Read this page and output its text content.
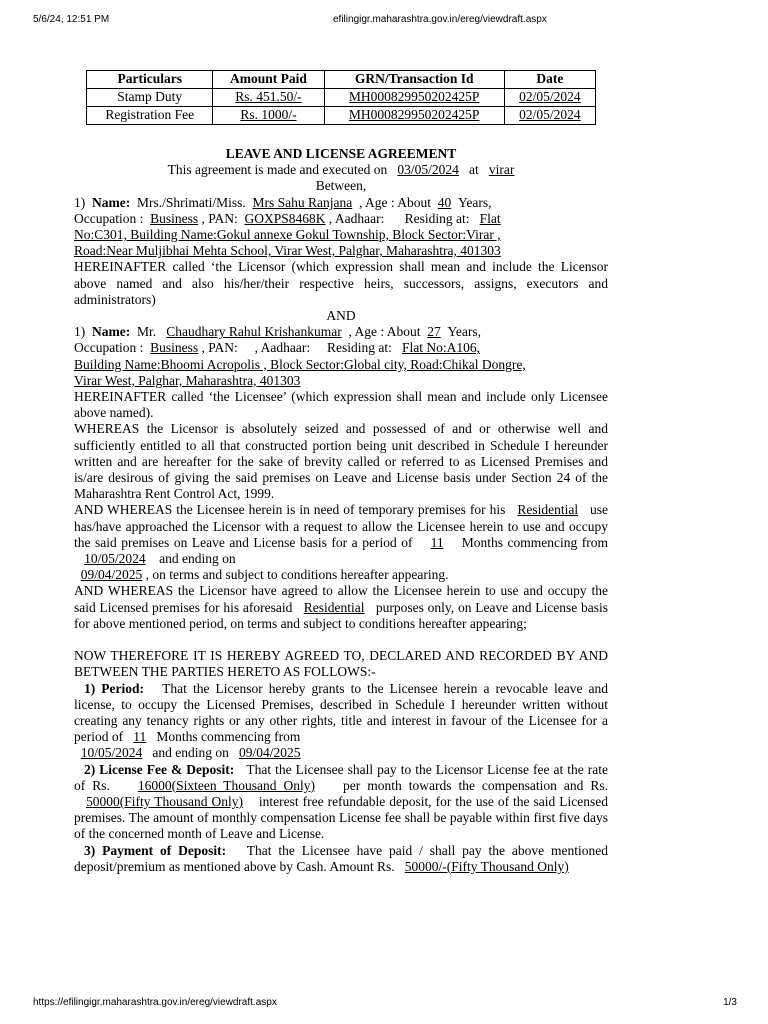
5/6/24, 12:51 PM	efilingigr.maharashtra.gov.in/ereg/viewdraft.aspx
Particulars	Amount Paid	GRN/Transaction Id	Date
Stamp Duty	Rs. 451.50/-	MH000829950202425P	02/05/2024
Registration Fee	Rs. 1000/-	MH000829950202425P	02/05/2024
LEAVE AND LICENSE AGREEMENT
This agreement is made and executed on 03/05/2024 at virar
Between,
1) Name: Mrs./Shrimati/Miss. Mrs Sahu Ranjana , Age : About 40 Years,
Occupation : Business , PAN: GOXPS8468K , Aadhaar: Residing at: Flat
No:C301, Building Name:Gokul annexe Gokul Township, Block Sector:Virar ,
Road:Near Muljibhai Mehta School, Virar West, Palghar, Maharashtra, 401303
HEREINAFTER called ‘the Licensor (which expression shall mean and include the Licensor above named and also his/her/their respective heirs, successors, assigns, executors and administrators)
AND
1) Name: Mr. Chaudhary Rahul Krishankumar , Age : About 27 Years,
Occupation : Business , PAN: , Aadhaar: Residing at: Flat No:A106,
Building Name:Bhoomi Acropolis , Block Sector:Global city, Road:Chikal Dongre,
Virar West, Palghar, Maharashtra, 401303
HEREINAFTER called ‘the Licensee’ (which expression shall mean and include only Licensee above named).
WHEREAS the Licensor is absolutely seized and possessed of and or otherwise well and sufficiently entitled to all that constructed portion being unit described in Schedule I hereunder written and are hereafter for the sake of brevity called or referred to as Licensed Premises and is/are desirous of giving the said premises on Leave and License basis under Section 24 of the Maharashtra Rent Control Act, 1999.
AND WHEREAS the Licensee herein is in need of temporary premises for his Residential use has/have approached the Licensor with a request to allow the Licensee herein to use and occupy the said premises on Leave and License basis for a period of 11 Months commencing from    10/05/2024 and ending on
09/04/2025 , on terms and subject to conditions hereafter appearing.
AND WHEREAS the Licensor have agreed to allow the Licensee herein to use and occupy the said Licensed premises for his aforesaid Residential purposes only, on Leave and License basis for above mentioned period, on terms and subject to conditions hereafter appearing;
NOW THEREFORE IT IS HEREBY AGREED TO, DECLARED AND RECORDED BY AND BETWEEN THE PARTIES HERETO AS FOLLOWS:-
1) Period: That the Licensor hereby grants to the Licensee herein a revocable leave and license, to occupy the Licensed Premises, described in Schedule I hereunder written without creating any tenancy rights or any other rights, title and interest in favour of the Licensee for a period of 11 Months commencing from
10/05/2024 and ending on 09/04/2025
2) License Fee & Deposit: That the Licensee shall pay to the Licensor License fee at the rate of Rs. 16000(Sixteen Thousand Only) per month towards the compensation and Rs.    50000(Fifty Thousand Only) interest free refundable deposit, for the use of the said Licensed premises. The amount of monthly compensation License fee shall be payable within first five days of the concerned month of Leave and License.
3) Payment of Deposit: That the Licensee have paid / shall pay the above mentioned deposit/premium as mentioned above by Cash. Amount Rs. 50000/-(Fifty Thousand Only)
https://efilingigr.maharashtra.gov.in/ereg/viewdraft.aspx	1/3
